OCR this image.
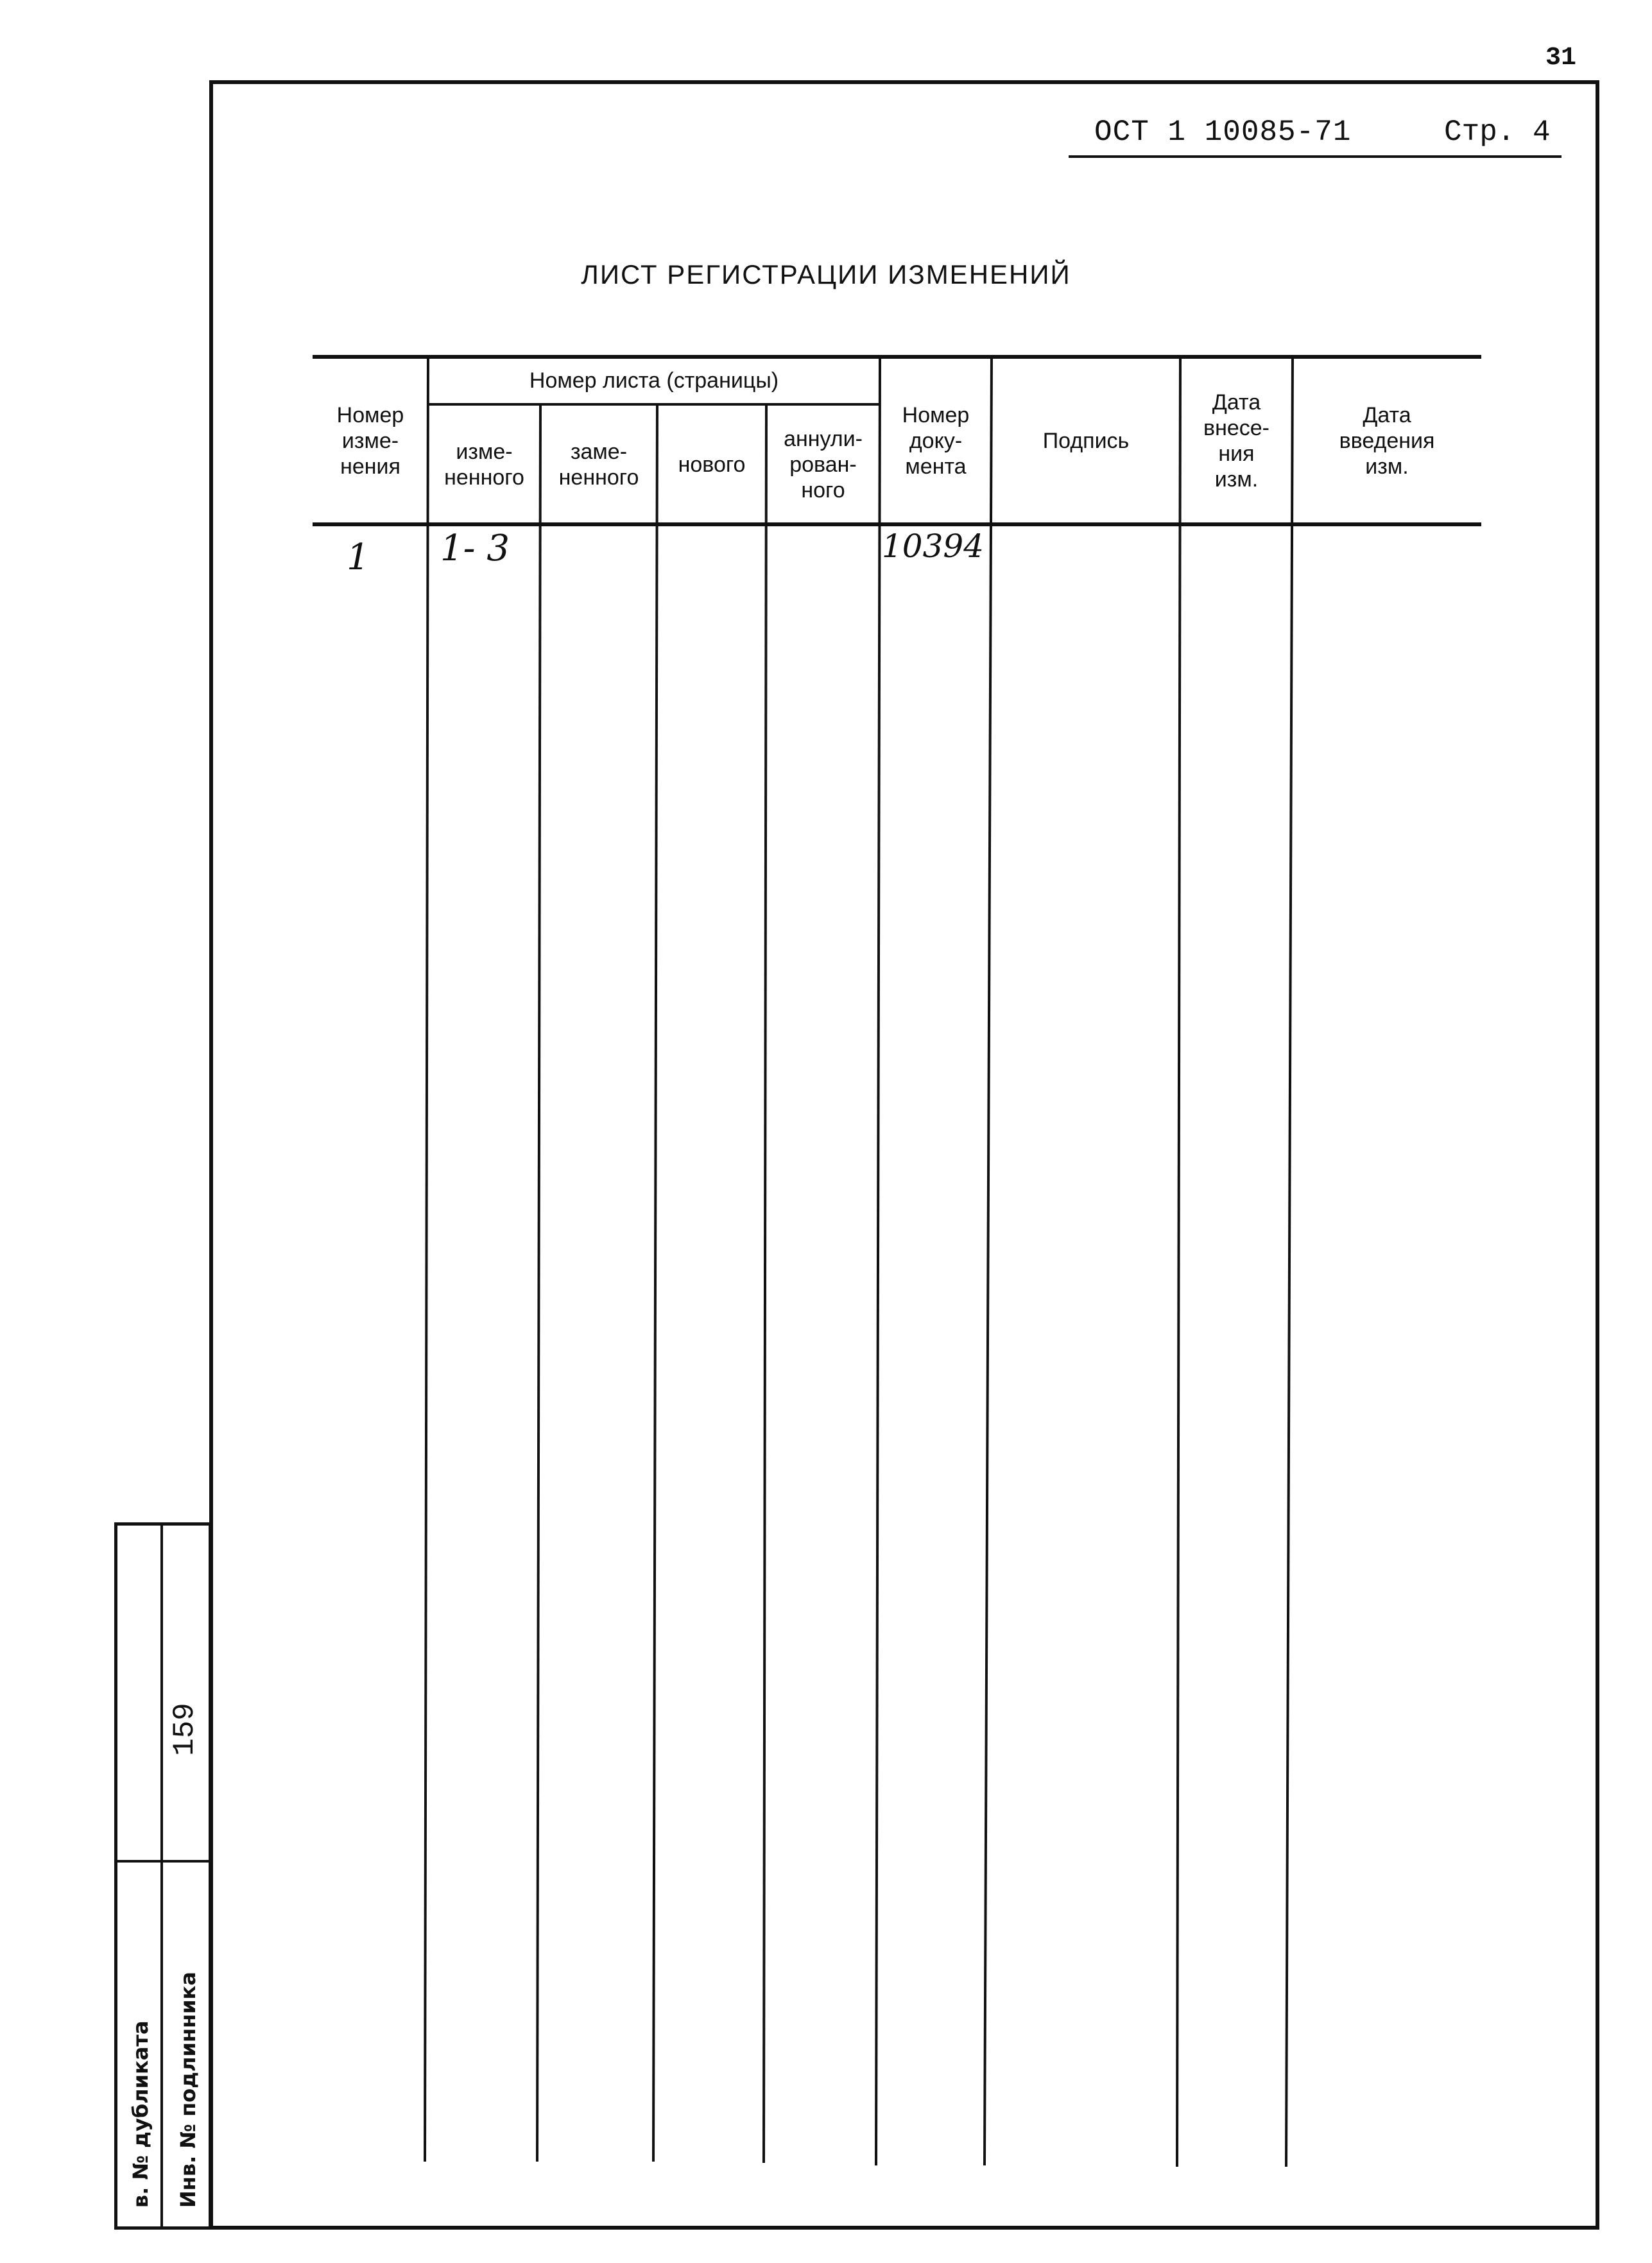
31
ОСТ 1 10085-71	Стр. 4
ЛИСТ РЕГИСТРАЦИИ ИЗМЕНЕНИЙ
Номер
изме-
нения
Номер листа (страницы)
изме-
ненного
заме-
ненного
нового
аннули-
рован-
ного
Номер
доку-
мента
Подпись
Дата
внесе-
ния
изм.
Дата
введения
изм.
1 1- 3	10394
в. № дубликата Инв. № подлинника
159
